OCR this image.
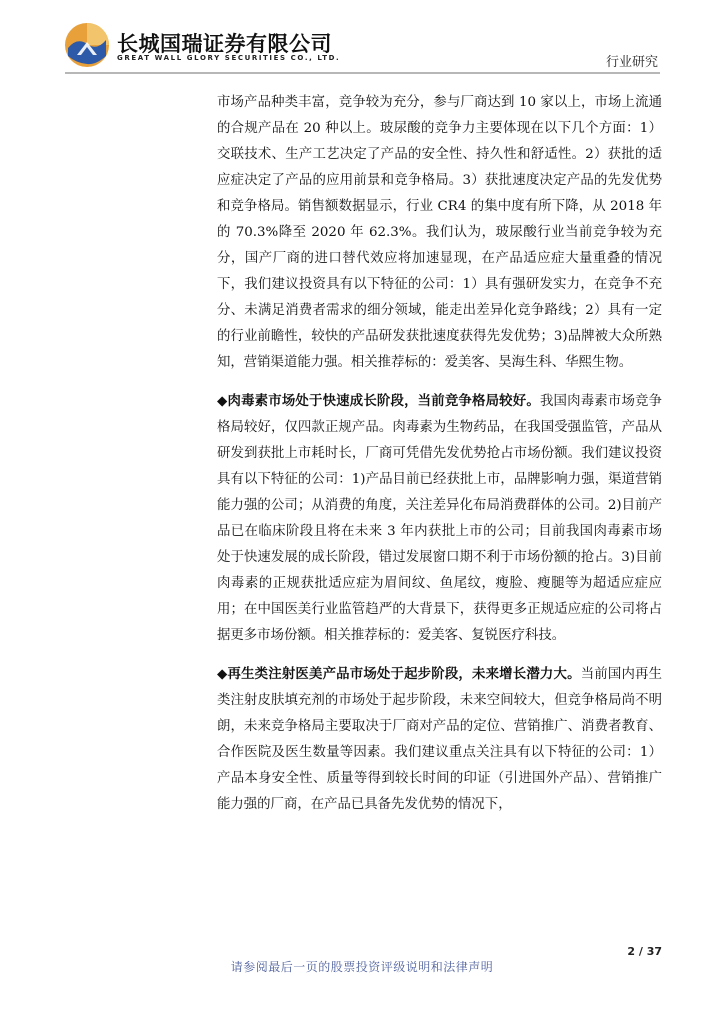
长城国瑞证券有限公司
GREAT WALL GLORY SECURITIES CO., LTD.	行业研究

市场产品种类丰富，竞争较为充分，参与厂商达到 10 家以上，市场上流通的合规产品在 20 种以上。玻尿酸的竞争力主要体现在以下几个方面：1）交联技术、生产工艺决定了产品的安全性、持久性和舒适性。2）获批的适应症决定了产品的应用前景和竞争格局。3）获批速度决定产品的先发优势和竞争格局。销售额数据显示，行业 CR4 的集中度有所下降，从 2018 年的 70.3%降至 2020 年 62.3%。我们认为，玻尿酸行业当前竞争较为充分，国产厂商的进口替代效应将加速显现，在产品适应症大量重叠的情况下，我们建议投资具有以下特征的公司：1）具有强研发实力，在竞争不充分、未满足消费者需求的细分领域，能走出差异化竞争路线；2）具有一定的行业前瞻性，较快的产品研发获批速度获得先发优势；3)品牌被大众所熟知，营销渠道能力强。相关推荐标的：爱美客、昊海生科、华熙生物。

◆肉毒素市场处于快速成长阶段，当前竞争格局较好。我国肉毒素市场竞争格局较好，仅四款正规产品。肉毒素为生物药品，在我国受强监管，产品从研发到获批上市耗时长，厂商可凭借先发优势抢占市场份额。我们建议投资具有以下特征的公司：1)产品目前已经获批上市，品牌影响力强，渠道营销能力强的公司；从消费的角度，关注差异化布局消费群体的公司。2)目前产品已在临床阶段且将在未来 3 年内获批上市的公司；目前我国肉毒素市场处于快速发展的成长阶段，错过发展窗口期不利于市场份额的抢占。3)目前肉毒素的正规获批适应症为眉间纹、鱼尾纹，瘦脸、瘦腿等为超适应症应用；在中国医美行业监管趋严的大背景下，获得更多正规适应症的公司将占据更多市场份额。相关推荐标的：爱美客、复锐医疗科技。

◆再生类注射医美产品市场处于起步阶段，未来增长潜力大。当前国内再生类注射皮肤填充剂的市场处于起步阶段，未来空间较大，但竞争格局尚不明朗，未来竞争格局主要取决于厂商对产品的定位、营销推广、消费者教育、合作医院及医生数量等因素。我们建议重点关注具有以下特征的公司：1）产品本身安全性、质量等得到较长时间的印证（引进国外产品）、营销推广能力强的厂商，在产品已具备先发优势的情况下，

2 / 37
请参阅最后一页的股票投资评级说明和法律声明
